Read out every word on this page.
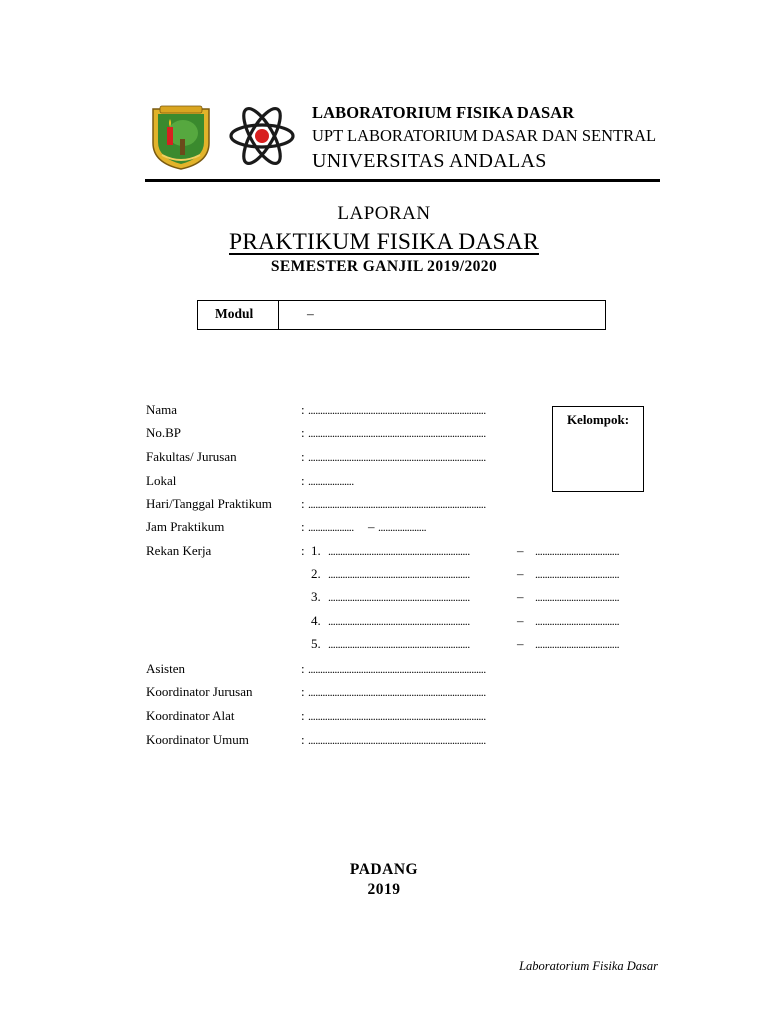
LABORATORIUM FISIKA DASAR
UPT LABORATORIUM DASAR DAN SENTRAL
UNIVERSITAS ANDALAS
LAPORAN
PRAKTIKUM FISIKA DASAR
SEMESTER GANJIL 2019/2020
Modul	–
Kelompok:
Nama	: ..........................................................................
No.BP	: ..........................................................................
Fakultas/ Jurusan	: ..........................................................................
Lokal	: ...................
Hari/Tanggal Praktikum : ..........................................................................
Jam Praktikum	: ...................	– ....................
Rekan Kerja	: 1. ...........................................................	– ...................................
2. ...........................................................	– ...................................
3. ...........................................................	– ...................................
4. ...........................................................	– ...................................
5. ...........................................................	– ...................................
Asisten	: ..........................................................................
Koordinator Jurusan	: ..........................................................................
Koordinator Alat	: ..........................................................................
Koordinator Umum	: ..........................................................................
PADANG
2019
Laboratorium Fisika Dasar
